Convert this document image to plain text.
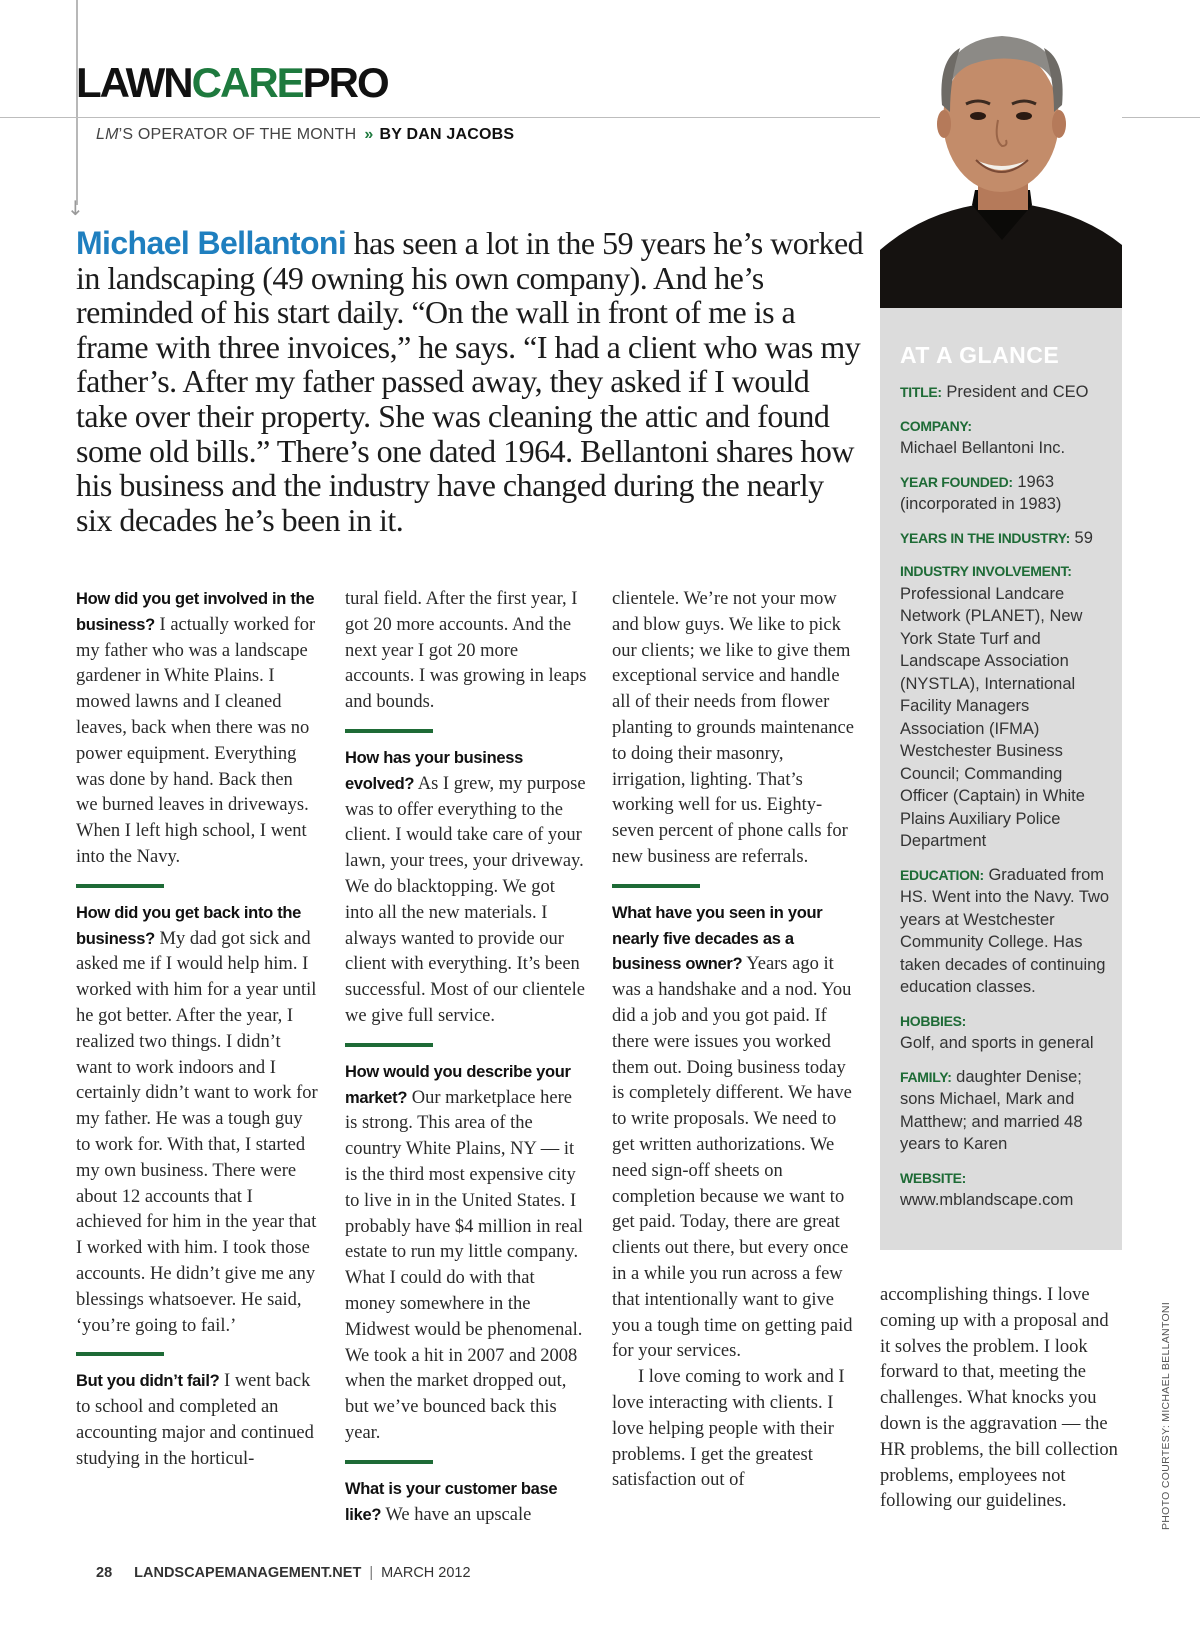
↓
LAWNCAREPRO
LM’S OPERATOR OF THE MONTH » BY DAN JACOBS
Michael Bellantoni has seen a lot in the 59 years he’s worked in landscaping (49 owning his own company). And he’s reminded of his start daily. “On the wall in front of me is a frame with three invoices,” he says. “I had a client who was my father’s. After my father passed away, they asked if I would take over their property. She was cleaning the attic and found some old bills.” There’s one dated 1964. Bellantoni shares how his business and the industry have changed during the nearly six decades he’s been in it.
AT A GLANCE
TITLE: President and CEO
COMPANY:
Michael Bellantoni Inc.
YEAR FOUNDED: 1963 (incorporated in 1983)
YEARS IN THE INDUSTRY: 59
INDUSTRY INVOLVEMENT:
Professional Landcare Network (PLANET), New York State Turf and Landscape Association (NYSTLA), International Facility Managers Association (IFMA) Westchester Business Council; Commanding Officer (Captain) in White Plains Auxiliary Police Department
EDUCATION: Graduated from HS. Went into the Navy. Two years at Westchester Community College. Has taken decades of continuing education classes.
HOBBIES:
Golf, and sports in general
FAMILY: daughter Denise; sons Michael, Mark and Matthew; and married 48 years to Karen
WEBSITE:
www.mblandscape.com

How did you get involved in the business? I actually worked for my father who was a landscape gardener in White Plains. I mowed lawns and I cleaned leaves, back when there was no power equipment. Everything was done by hand. Back then we burned leaves in driveways. When I left high school, I went into the Navy.

How did you get back into the business? My dad got sick and asked me if I would help him. I worked with him for a year until he got better. After the year, I realized two things. I didn’t want to work indoors and I certainly didn’t want to work for my father. He was a tough guy to work for. With that, I started my own business. There were about 12 accounts that I achieved for him in the year that I worked with him. I took those accounts. He didn’t give me any blessings whatsoever. He said, ‘you’re going to fail.’

But you didn’t fail? I went back to school and completed an accounting major and continued studying in the horticul-

tural field. After the first year, I got 20 more accounts. And the next year I got 20 more accounts. I was growing in leaps and bounds.

How has your business evolved? As I grew, my purpose was to offer everything to the client. I would take care of your lawn, your trees, your driveway. We do blacktopping. We got into all the new materials. I always wanted to provide our client with everything. It’s been successful. Most of our clientele we give full service.

How would you describe your market? Our marketplace here is strong. This area of the country White Plains, NY — it is the third most expensive city to live in in the United States. I probably have $4 million in real estate to run my little company. What I could do with that money somewhere in the Midwest would be phenomenal. We took a hit in 2007 and 2008 when the market dropped out, but we’ve bounced back this year.

What is your customer base like? We have an upscale

clientele. We’re not your mow and blow guys. We like to pick our clients; we like to give them exceptional service and handle all of their needs from flower planting to grounds maintenance to doing their masonry, irrigation, lighting. That’s working well for us. Eighty-seven percent of phone calls for new business are referrals.

What have you seen in your nearly five decades as a business owner? Years ago it was a handshake and a nod. You did a job and you got paid. If there were issues you worked them out. Doing business today is completely different. We have to write proposals. We need to get written authorizations. We need sign-off sheets on completion because we want to get paid. Today, there are great clients out there, but every once in a while you run across a few that intentionally want to give you a tough time on getting paid for your services.

I love coming to work and I love interacting with clients. I love helping people with their problems. I get the greatest satisfaction out of

accomplishing things. I love coming up with a proposal and it solves the problem. I look forward to that, meeting the challenges. What knocks you down is the aggravation — the HR problems, the bill collection problems, employees not following our guidelines.	PHOTO COURTESY: MICHAEL BELLANTONI
28 LANDSCAPEMANAGEMENT.NET | MARCH 2012
